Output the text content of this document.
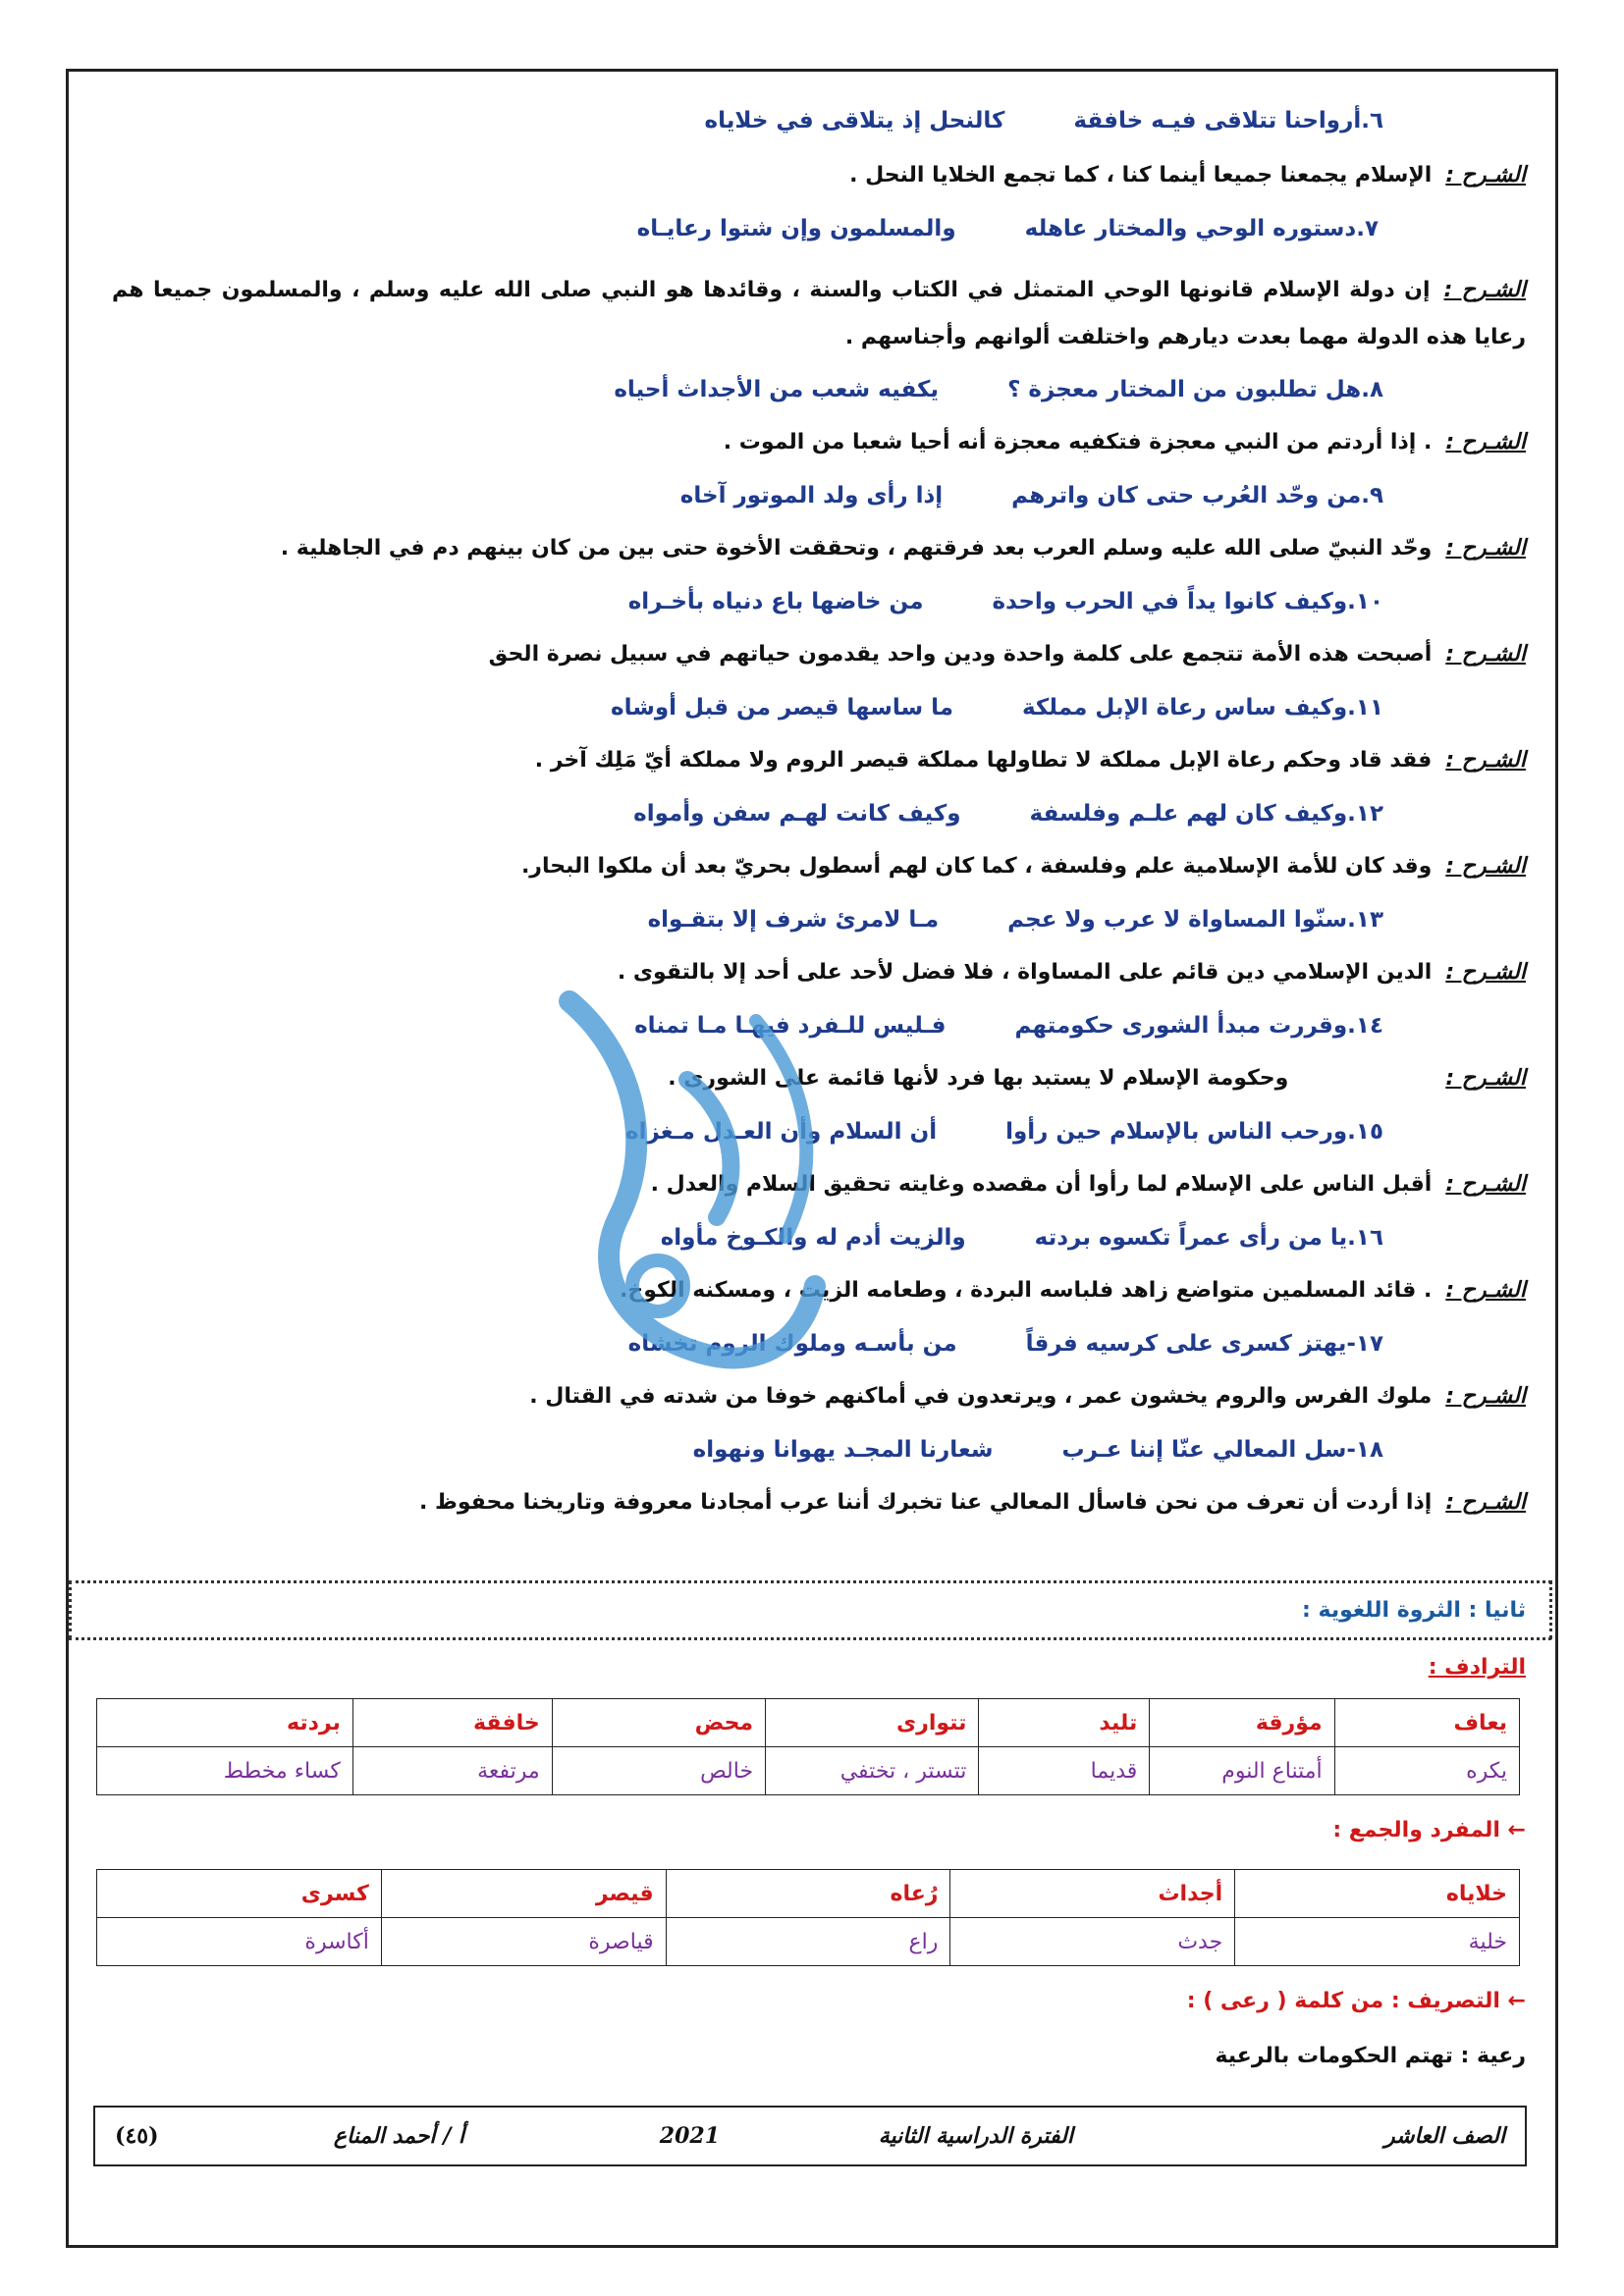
٦.أرواحنا تتلاقى فيـه خافقةكالنحل إذ يتلاقى في خلاياه
الشـرح :الإسلام يجمعنا جميعا أينما كنا ، كما تجمع الخلايا النحل .
٧.دستوره الوحي والمختار عاهلهوالمسلمون وإن شتوا رعايـاه
الشـرح :إن دولة الإسلام قانونها الوحي المتمثل في الكتاب والسنة ، وقائدها هو النبي صلى الله عليه وسلم ، والمسلمون جميعا هم رعايا هذه الدولة مهما بعدت ديارهم واختلفت ألوانهم وأجناسهم .
٨.هل تطلبون من المختار معجزة ؟يكفيه شعب من الأجداث أحياه
الشـرح :. إذا أردتم من النبي معجزة فتكفيه معجزة أنه أحيا شعبا من الموت .
٩.من وحّد العُرب حتى كان واترهمإذا رأى ولد الموتور آخاه
الشـرح :وحّد النبيّ صلى الله عليه وسلم العرب بعد فرقتهم ، وتحققت الأخوة حتى بين من كان بينهم دم في الجاهلية .
١٠.وكيف كانوا يداً في الحرب واحدةمن خاضها باع دنياه بأخـراه
الشـرح :أصبحت هذه الأمة تتجمع على كلمة واحدة ودين واحد يقدمون حياتهم في سبيل نصرة الحق
١١.وكيف ساس رعاة الإبل مملكةما ساسها قيصر من قبل أوشاه
الشـرح :فقد قاد وحكم رعاة الإبل مملكة لا تطاولها مملكة قيصر الروم ولا مملكة أيّ مَلِك آخر .
١٢.وكيف كان لهم علـم وفلسفةوكيف كانت لهـم سفن وأمواه
الشـرح :وقد كان للأمة الإسلامية علم وفلسفة ، كما كان لهم أسطول بحريّ بعد أن ملكوا البحار.
١٣.سنّوا المساواة لا عرب ولا عجممـا لامرئ شرف إلا بتقـواه
الشـرح :الدين الإسلامي دين قائم على المساواة ، فلا فضل لأحد على أحد إلا بالتقوى .
١٤.وقررت مبدأ الشورى حكومتهمفـليس للـفرد فيهـا مـا تمناه
الشـرح :وحكومة الإسلام لا يستبد بها فرد لأنها قائمة على الشورى .
١٥.ورحب الناس بالإسلام حين رأواأن السلام وأن العـدل مـغزاه
الشـرح :أقبل الناس على الإسلام لما رأوا أن مقصده وغايته تحقيق السلام والعدل .
١٦.يا من رأى عمراً تكسوه بردتهوالزيت أدم له والكـوخ مأواه
الشـرح :. قائد المسلمين متواضع زاهد فلباسه البردة ، وطعامه الزيت ، ومسكنه الكوخ.
١٧-يهتز كسرى على كرسيه فرقاًمن بأسـه وملوك الروم تخشاه
الشـرح :ملوك الفرس والروم يخشون عمر ، ويرتعدون في أماكنهم خوفا من شدته في القتال .
١٨-سل المعالي عنّا إننا عـربشعارنا المجـد يهوانا ونهواه
الشـرح :إذا أردت أن تعرف من نحن فاسأل المعالي عنا تخبرك أننا عرب أمجادنا معروفة وتاريخنا محفوظ .
ثانيا : الثروة اللغوية :
الترادف :
يعاف	مؤرقة	تليد	تتوارى	محض	خافقة	بردته
يكره	أمتناع النوم	قديما	تتستر ، تختفي	خالص	مرتفعة	كساء مخطط
← المفرد والجمع :
خلاياه	أجداث	رُعاه	قيصر	كسرى
خلية	جدث	راع	قياصرة	أكاسرة
← التصريف : من كلمة ( رعى ) :
رعية : تهتم الحكومات بالرعية
الصف العاشر
الفترة الدراسية الثانية
2021
أ / أحمد المناع
(٤٥)
